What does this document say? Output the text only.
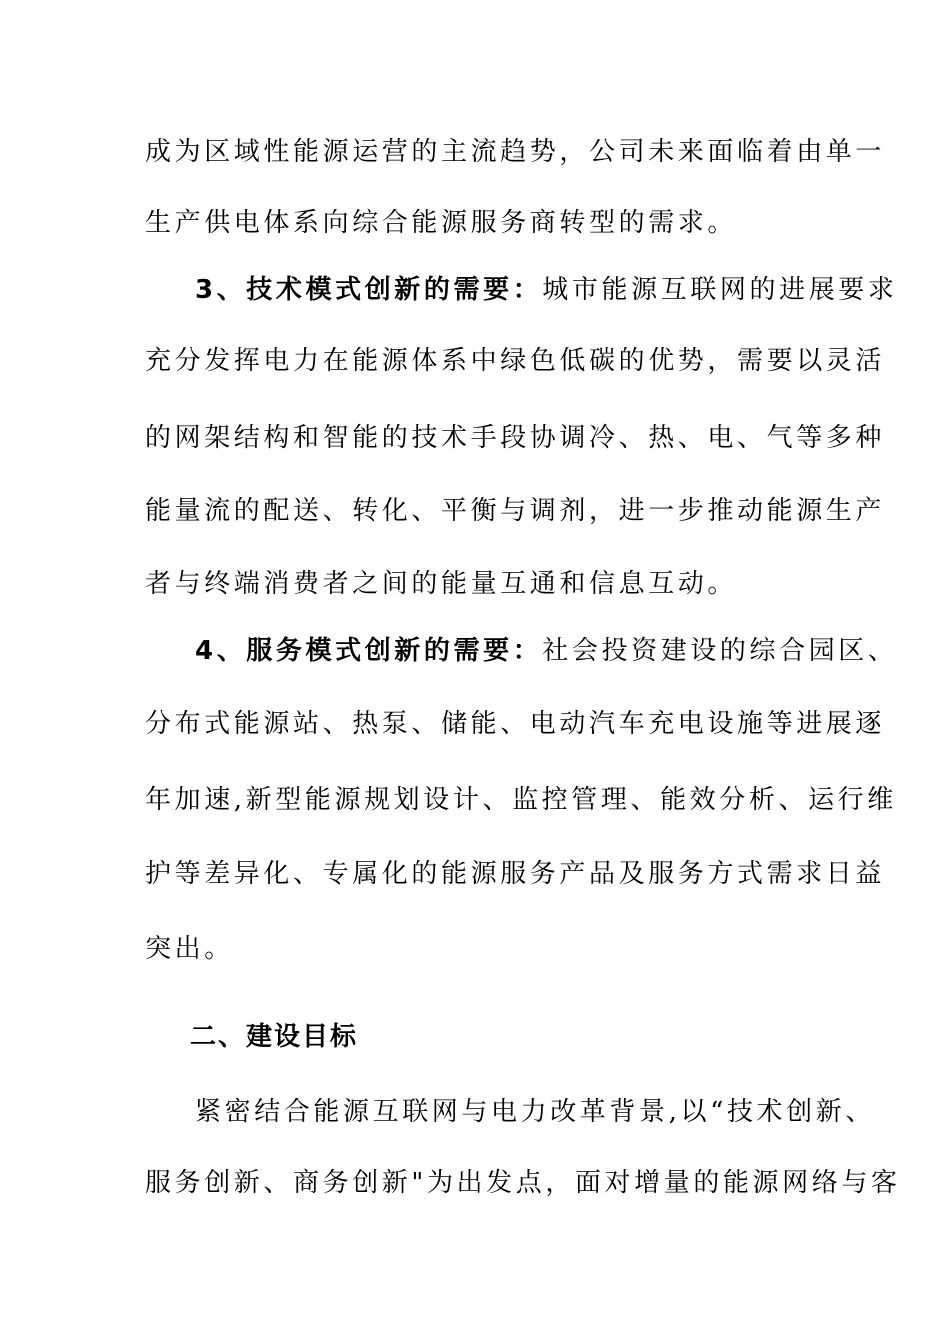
成为区域性能源运营的主流趋势，公司未来面临着由单一
生产供电体系向综合能源服务商转型的需求。
3、技术模式创新的需要：城市能源互联网的进展要求
充分发挥电力在能源体系中绿色低碳的优势，需要以灵活
的网架结构和智能的技术手段协调冷、热、电、气等多种
能量流的配送、转化、平衡与调剂，进一步推动能源生产
者与终端消费者之间的能量互通和信息互动。
4、服务模式创新的需要：社会投资建设的综合园区、
分布式能源站、热泵、储能、电动汽车充电设施等进展逐
年加速,新型能源规划设计、监控管理、能效分析、运行维
护等差异化、专属化的能源服务产品及服务方式需求日益
突出。
二、建设目标
紧密结合能源互联网与电力改革背景,以“技术创新、
服务创新、商务创新"为出发点，面对增量的能源网络与客
